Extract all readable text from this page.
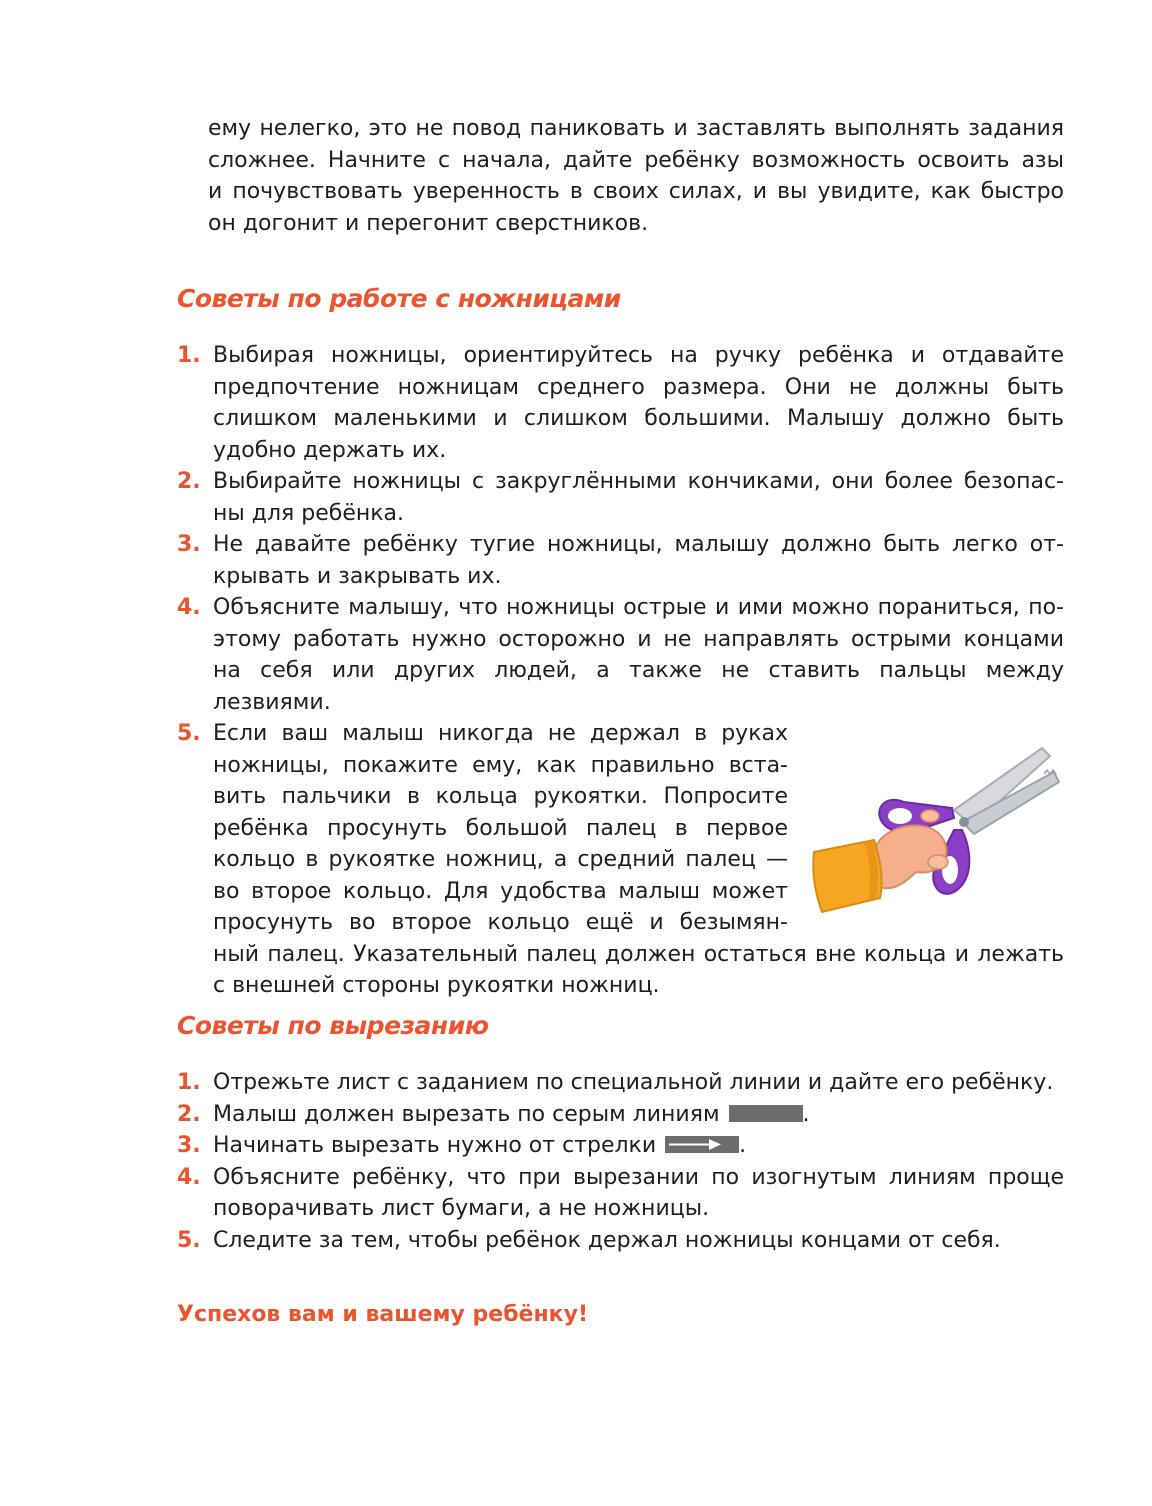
ему нелегко, это не повод паниковать и заставлять выполнять задания
сложнее. Начните с начала, дайте ребёнку возможность освоить азы
и почувствовать уверенность в своих силах, и вы увидите, как быстро
он догонит и перегонит сверстников.

Советы по работе с ножницами
1. Выбирая ножницы, ориентируйтесь на ручку ребёнка и отдавайте
предпочтение ножницам среднего размера. Они не должны быть
слишком маленькими и слишком большими. Малышу должно быть
удобно держать их.
2. Выбирайте ножницы с закруглёнными кончиками, они более безопас-
ны для ребёнка.
3. Не давайте ребёнку тугие ножницы, малышу должно быть легко от-
крывать и закрывать их.
4. Объясните малышу, что ножницы острые и ими можно пораниться, по-
этому работать нужно осторожно и не направлять острыми концами
на себя или других людей, а также не ставить пальцы между лезвиями.
5. Если ваш малыш никогда не держал в руках
ножницы, покажите ему, как правильно вста-
вить пальчики в кольца рукоятки. Попросите
ребёнка просунуть большой палец в первое
кольцо в рукоятке ножниц, а средний палец —
во второе кольцо. Для удобства малыш может
просунуть во второе кольцо ещё и безымян-
ный палец. Указательный палец должен остаться вне кольца и лежать
с внешней стороны рукоятки ножниц.
Советы по вырезанию
1. Отрежьте лист с заданием по специальной линии и дайте его ребёнку.
2. Малыш должен вырезать по серым линиям	.
3. Начинать вырезать нужно от стрелки	.
4. Объясните ребёнку, что при вырезании по изогнутым линиям проще
поворачивать лист бумаги, а не ножницы.
5. Следите за тем, чтобы ребёнок держал ножницы концами от себя.

Успехов вам и вашему ребёнку!
